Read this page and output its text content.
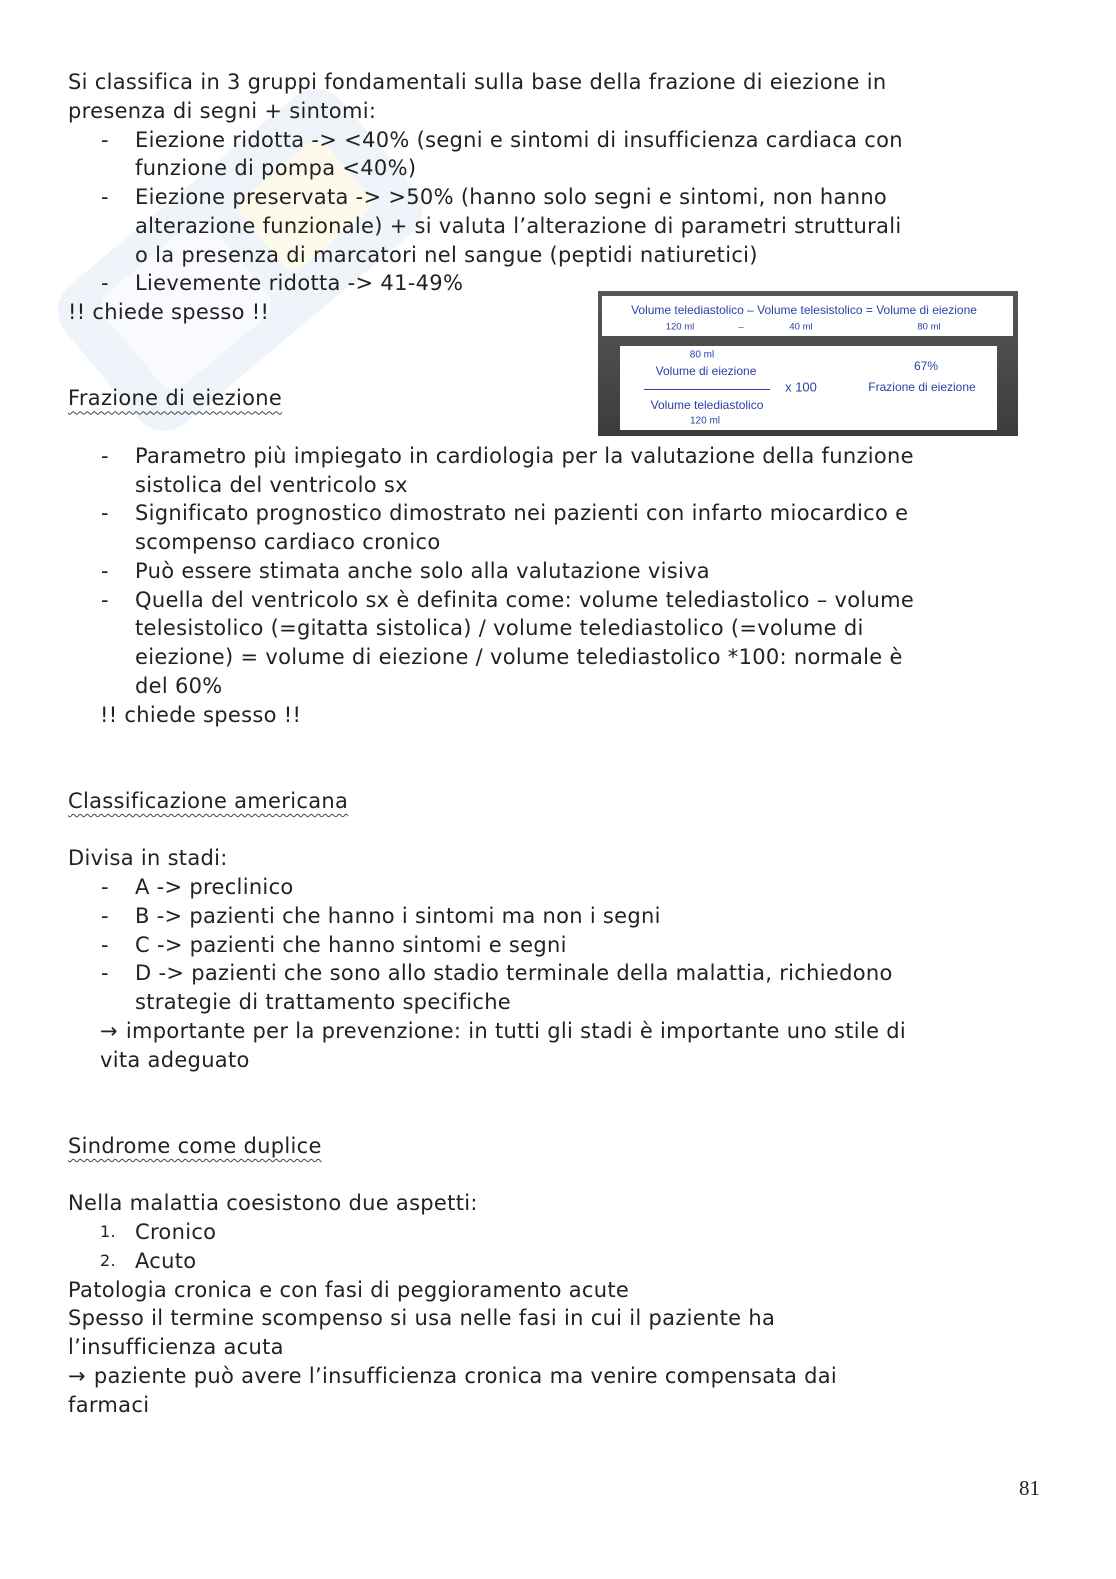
Si classifica in 3 gruppi fondamentali sulla base della frazione di eiezione in
presenza di segni + sintomi:
- Eiezione ridotta -> <40% (segni e sintomi di insufficienza cardiaca con
funzione di pompa <40%)
- Eiezione preservata -> >50% (hanno solo segni e sintomi, non hanno
alterazione funzionale) + si valuta l’alterazione di parametri strutturali
o la presenza di marcatori nel sangue (peptidi natiuretici)
- Lievemente ridotta -> 41-49%
!! chiede spesso !!
Frazione di eiezione
- Parametro più impiegato in cardiologia per la valutazione della funzione
sistolica del ventricolo sx
- Significato prognostico dimostrato nei pazienti con infarto miocardico e
scompenso cardiaco cronico
- Può essere stimata anche solo alla valutazione visiva
- Quella del ventricolo sx è definita come: volume telediastolico – volume
telesistolico (=gitatta sistolica) / volume telediastolico (=volume di
eiezione) = volume di eiezione / volume telediastolico *100: normale è
del 60%
!! chiede spesso !!
Classificazione americana
Divisa in stadi:
- A -> preclinico
- B -> pazienti che hanno i sintomi ma non i segni
- C -> pazienti che hanno sintomi e segni
- D -> pazienti che sono allo stadio terminale della malattia, richiedono
strategie di trattamento specifiche
→ importante per la prevenzione: in tutti gli stadi è importante uno stile di
vita adeguato
Sindrome come duplice
Nella malattia coesistono due aspetti:
1. Cronico
2. Acuto
Patologia cronica e con fasi di peggioramento acute
Spesso il termine scompenso si usa nelle fasi in cui il paziente ha
l’insufficienza acuta
→ paziente può avere l’insufficienza cronica ma venire compensata dai
farmaci
Volume telediastolico – Volume telesistolico = Volume di eiezione
120 ml	–	40 ml	80 ml
80 ml
Volume di eiezione
x 100
Volume telediastolico
120 ml
67%
Frazione di eiezione
81
